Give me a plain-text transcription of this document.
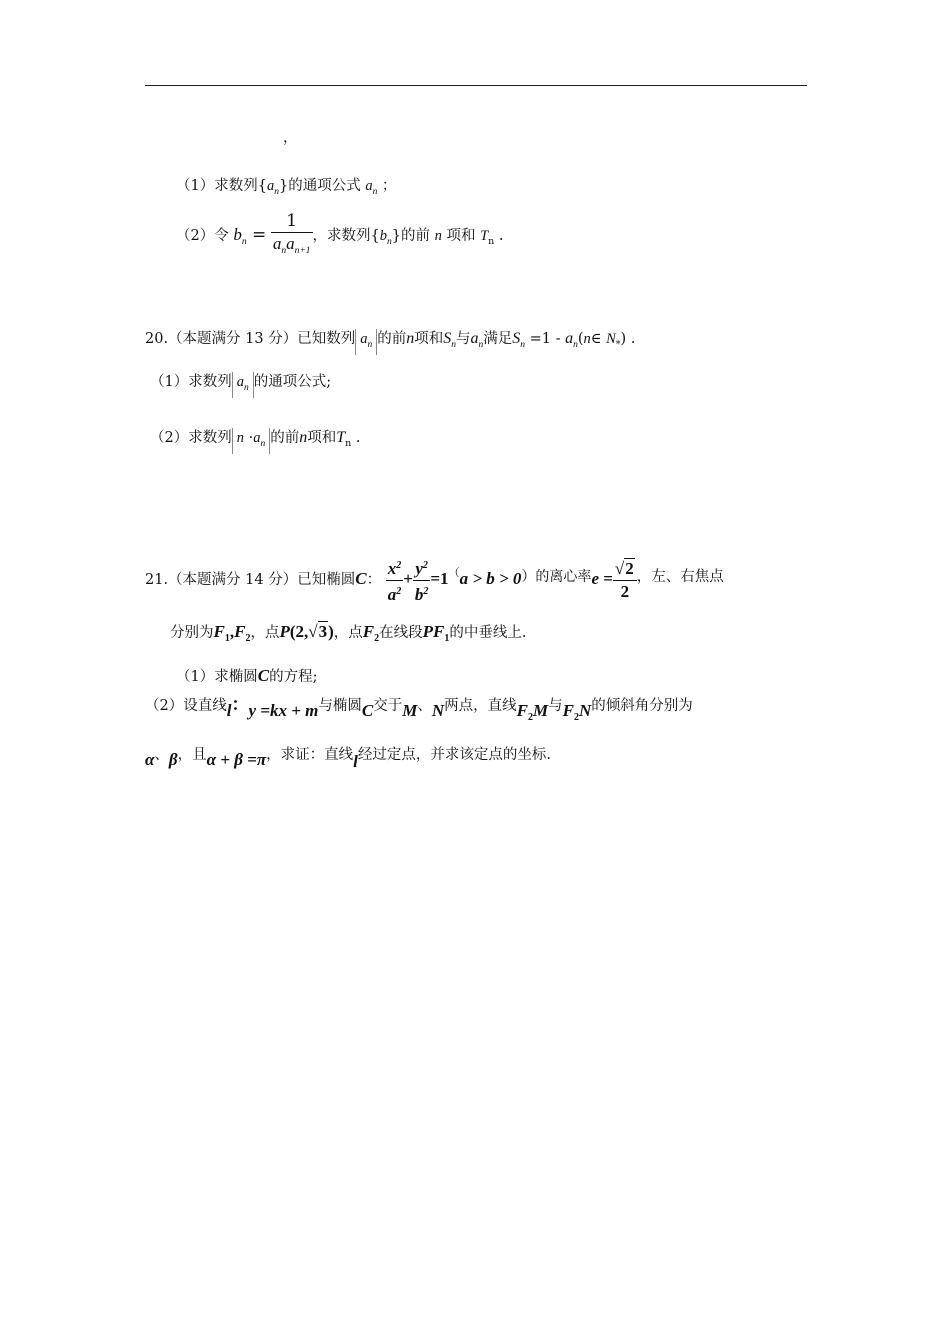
，
（1）求数列$\{a_n\}$的通项公式 $a_n$ ；
（2）令 $b_n = \frac{1}{a_na_{n+1}}$ ，求数列$\{b_n\}$的前 n 项和 $T_n$ .
20.（本题满分 13 分）已知数列 $a_n$ 的前n项和$S_n$与$a_n$满足$S_n =1$ - $a_n(n\in$ $N_*$) .
（1）求数列 $a_n$ 的通项公式;
（2）求数列 $n \cdot a_n$ 的前n项和$T_n$ .
21.（本题满分 14 分）已知椭圆C： $\frac{x^2}{a^2} + \frac{y^2}{b^2} =1^(a > b > 0$）的离心率$e = \frac{√2}{2}$ ，左、右焦点
分别为$F_1,F_2$，点P(2,√3)，点$F_2$在线段$PF_1$的中垂线上.
（1）求椭圆C的方程;
（2）设直线l：y =kx + m与椭圆C交于M、N两点，直线$F_2M$与$F_2N$的倾斜角分别为
α、β，且α + β =π，求证：直线l经过定点，并求该定点的坐标.
